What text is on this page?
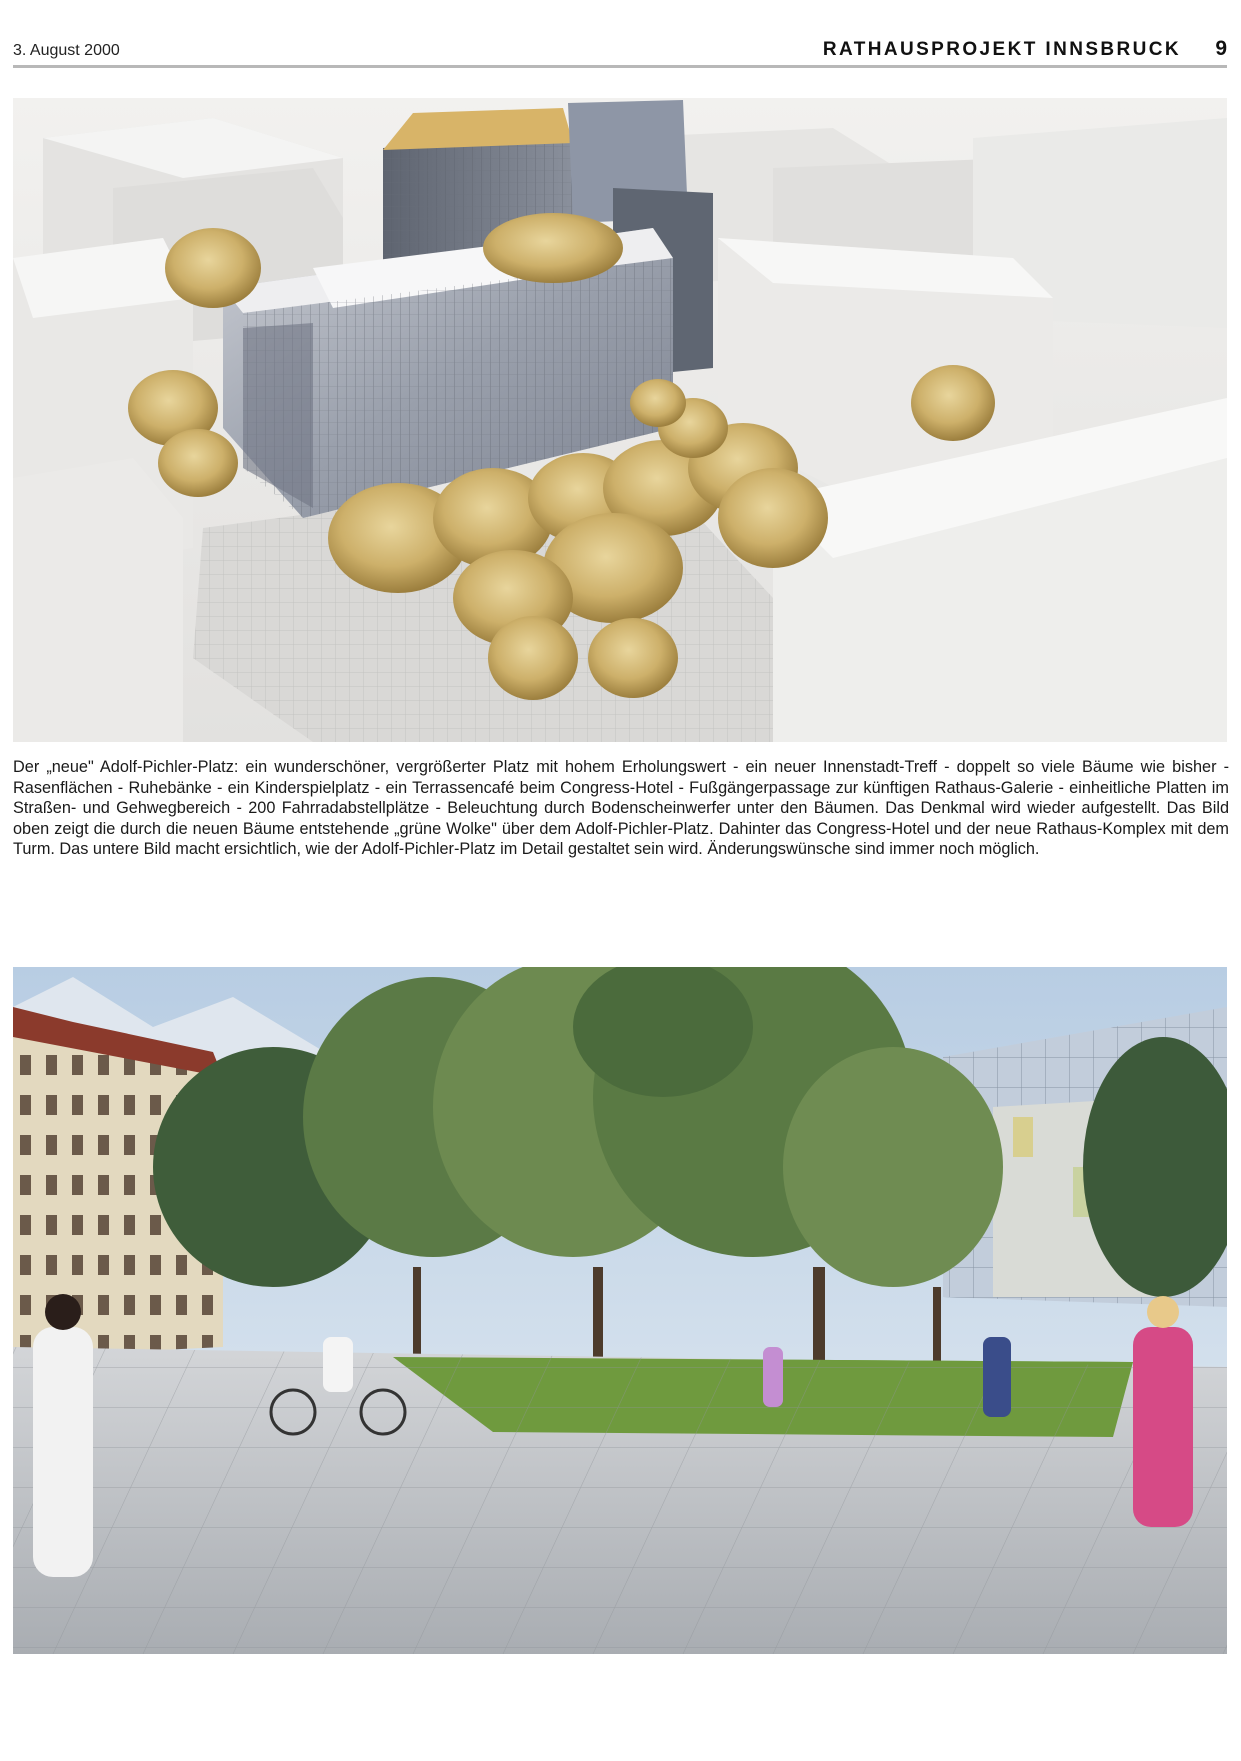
3. August 2000	RATHAUSPROJEKT INNSBRUCK 9
Der „neue" Adolf-Pichler-Platz: ein wunderschöner, vergrößerter Platz mit hohem Erholungswert - ein neuer Innenstadt-Treff - doppelt so viele Bäume wie bisher - Rasenflächen - Ruhebänke - ein Kinderspielplatz - ein Terrassencafé beim Congress-Hotel - Fußgängerpassage zur künftigen Rathaus-Galerie - einheitliche Platten im Straßen- und Gehwegbereich - 200 Fahrradabstellplätze - Beleuchtung durch Bodenscheinwerfer unter den Bäumen. Das Denkmal wird wieder aufgestellt. Das Bild oben zeigt die durch die neuen Bäume entstehende „grüne Wolke" über dem Adolf-Pichler-Platz. Dahinter das Congress-Hotel und der neue Rathaus-Komplex mit dem Turm. Das untere Bild macht ersichtlich, wie der Adolf-Pichler-Platz im Detail gestaltet sein wird. Änderungswünsche sind immer noch möglich.
